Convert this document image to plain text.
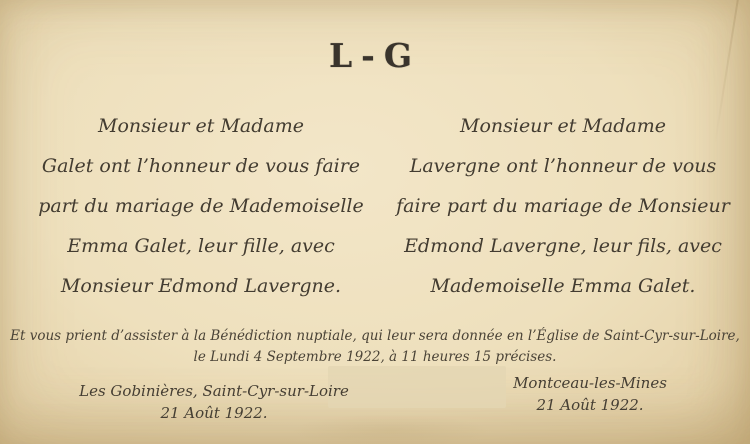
L-G
Monsieur et Madame
Galet ont l’honneur de vous faire
part du mariage de Mademoiselle
Emma Galet, leur fille, avec
Monsieur Edmond Lavergne.
Monsieur et Madame
Lavergne ont l’honneur de vous
faire part du mariage de Monsieur
Edmond Lavergne, leur fils, avec
Mademoiselle Emma Galet.
Et vous prient d’assister à la Bénédiction nuptiale, qui leur sera donnée en l’Église de Saint-Cyr-sur-Loire,
le Lundi 4 Septembre 1922, à 11 heures 15 précises.
Les Gobinières, Saint-Cyr-sur-Loire
21 Août 1922.
Montceau-les-Mines
21 Août 1922.
